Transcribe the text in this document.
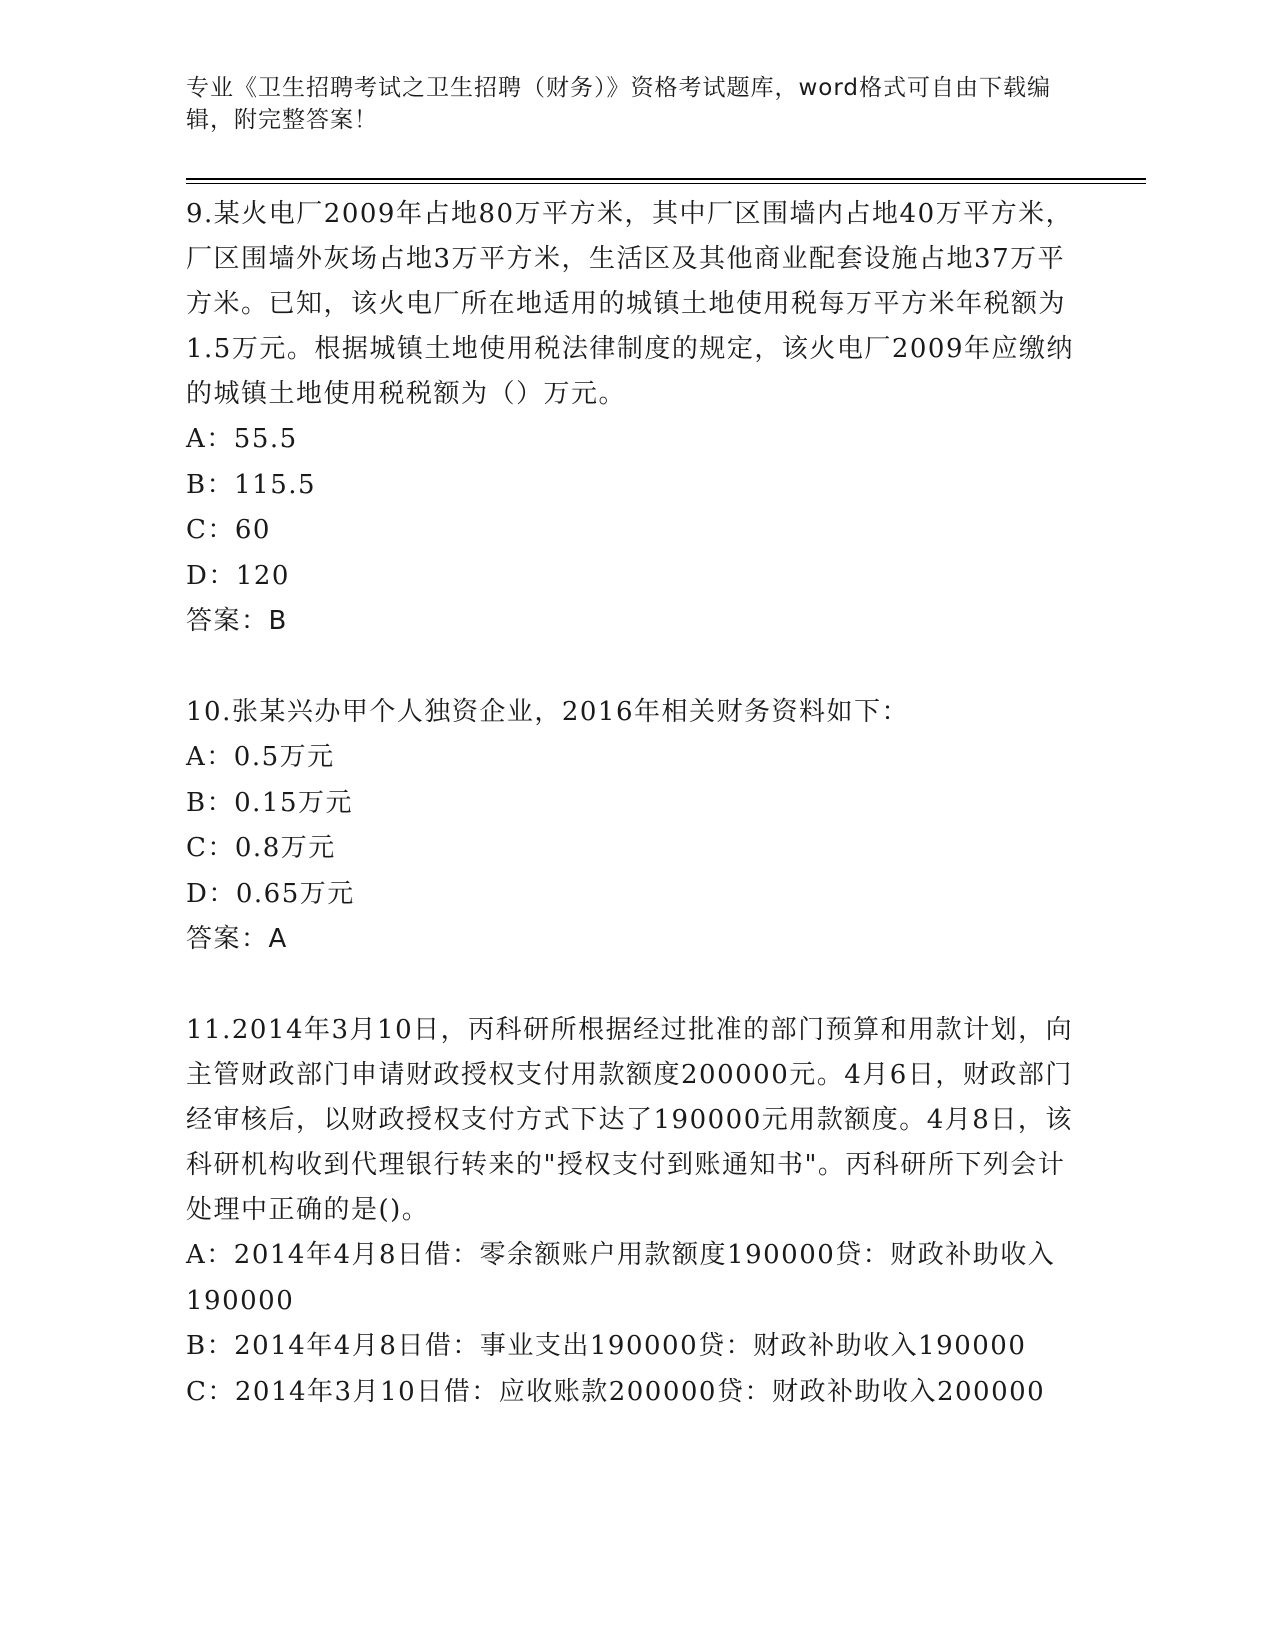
专业《卫生招聘考试之卫生招聘（财务）》资格考试题库，word格式可自由下载编辑，附完整答案！

9.某火电厂2009年占地80万平方米，其中厂区围墙内占地40万平方米，厂区围墙外灰场占地3万平方米，生活区及其他商业配套设施占地37万平方米。已知，该火电厂所在地适用的城镇土地使用税每万平方米年税额为1.5万元。根据城镇土地使用税法律制度的规定，该火电厂2009年应缴纳的城镇土地使用税税额为（）万元。

A：55.5

B：115.5

C：60

D：120

答案：B

10.张某兴办甲个人独资企业，2016年相关财务资料如下：

A：0.5万元

B：0.15万元

C：0.8万元

D：0.65万元

答案：A

11.2014年3月10日，丙科研所根据经过批准的部门预算和用款计划，向主管财政部门申请财政授权支付用款额度200000元。4月6日，财政部门经审核后，以财政授权支付方式下达了190000元用款额度。4月8日，该科研机构收到代理银行转来的"授权支付到账通知书"。丙科研所下列会计处理中正确的是()。

A：2014年4月8日借：零余额账户用款额度190000贷：财政补助收入190000

B：2014年4月8日借：事业支出190000贷：财政补助收入190000

C：2014年3月10日借：应收账款200000贷：财政补助收入200000
